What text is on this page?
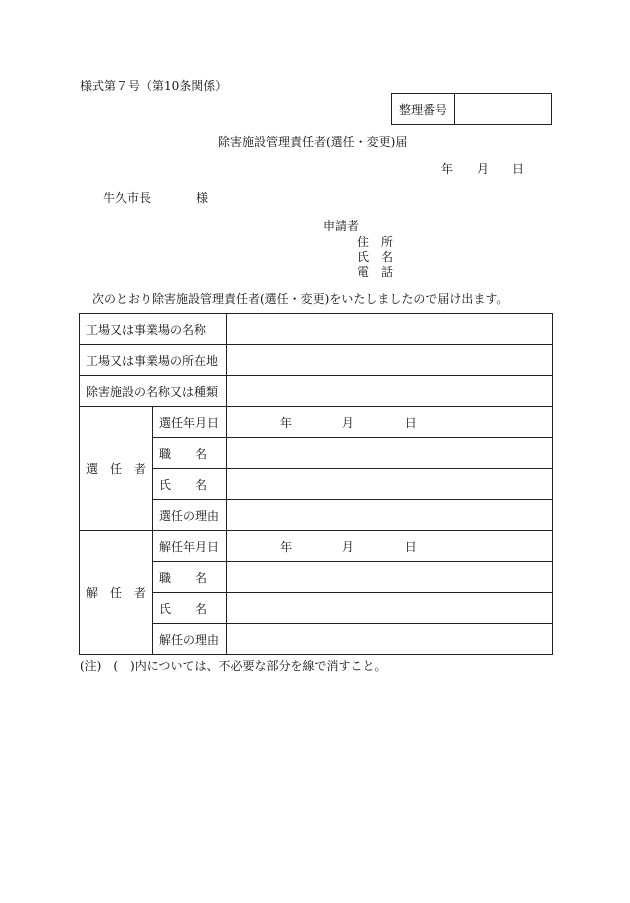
様式第７号（第10条関係）
整理番号
除害施設管理責任者(選任・変更)届
年 月 日
牛久市長	様
申請者
住　所
氏　名
電　話
次のとおり除害施設管理責任者(選任・変更)をいたしましたので届け出ます。
工場又は事業場の名称		
工場又は事業場の所在地		
除害施設の名称又は種類		
選　任　者	選任年月日	年 月 日
	職　　名	
	氏　　名	
	選任の理由	
解　任　者	解任年月日	年 月 日
	職　　名	
	氏　　名	
	解任の理由	
(注)　(　)内については、不必要な部分を線で消すこと。
